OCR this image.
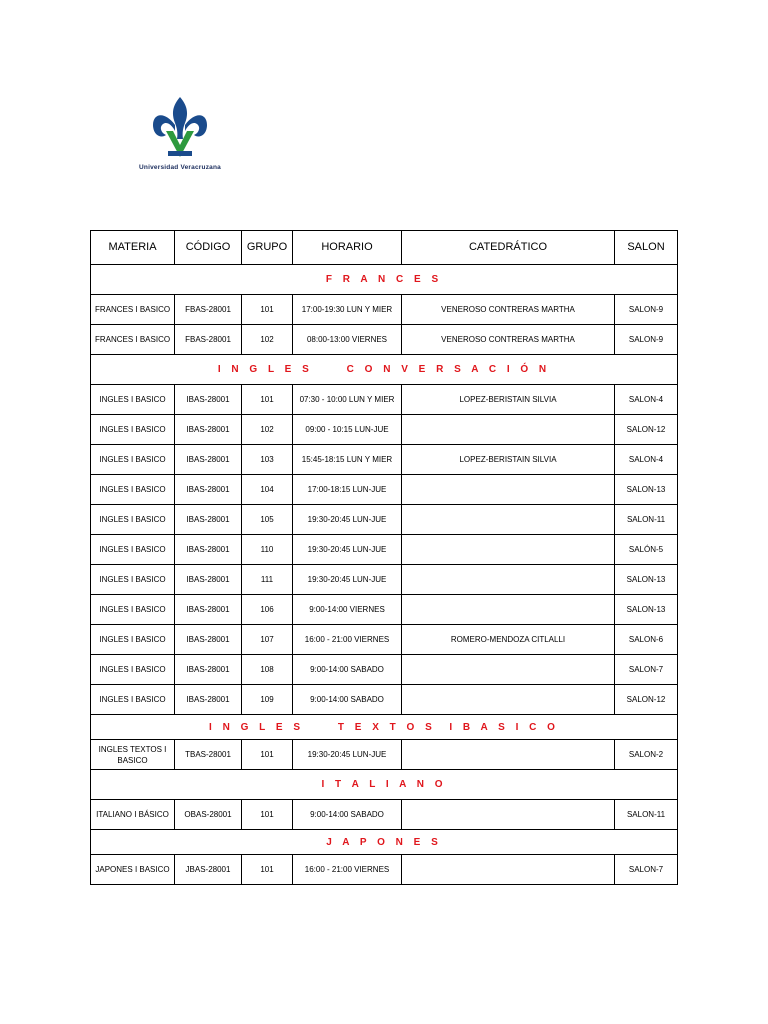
Universidad Veracruzana
MATERIA	CÓDIGO	GRUPO	HORARIO	CATEDRÁTICO	SALON
F R A N C E S					
FRANCES I BASICO	FBAS-28001	101	17:00-19:30 LUN Y MIER	VENEROSO CONTRERAS MARTHA	SALON-9
FRANCES I BASICO	FBAS-28001	102	08:00-13:00 VIERNES	VENEROSO CONTRERAS MARTHA	SALON-9
I N G L E S     C O N V E R S A C I Ó N					
INGLES I BASICO	IBAS-28001	101	07:30 - 10:00 LUN Y MIER	LOPEZ-BERISTAIN SILVIA	SALON-4
INGLES I BASICO	IBAS-28001	102	09:00 - 10:15 LUN-JUE		SALON-12
INGLES I BASICO	IBAS-28001	103	15:45-18:15 LUN Y MIER	LOPEZ-BERISTAIN SILVIA	SALON-4
INGLES I BASICO	IBAS-28001	104	17:00-18:15 LUN-JUE		SALON-13
INGLES I BASICO	IBAS-28001	105	19:30-20:45 LUN-JUE		SALON-11
INGLES I BASICO	IBAS-28001	110	19:30-20:45 LUN-JUE		SALÓN-5
INGLES I BASICO	IBAS-28001	111	19:30-20:45 LUN-JUE		SALON-13
INGLES I BASICO	IBAS-28001	106	9:00-14:00 VIERNES		SALON-13
INGLES I BASICO	IBAS-28001	107	16:00 - 21:00 VIERNES	ROMERO-MENDOZA CITLALLI	SALON-6
INGLES I BASICO	IBAS-28001	108	9:00-14:00 SABADO		SALON-7
INGLES I BASICO	IBAS-28001	109	9:00-14:00 SABADO		SALON-12
I N G L E S     T E X T O S  I B A S I C O					
INGLES TEXTOS I BASICO	TBAS-28001	101	19:30-20:45 LUN-JUE		SALON-2
I T A L I A N O					
ITALIANO I BÁSICO	OBAS-28001	101	9:00-14:00 SABADO		SALON-11
J A P O N E S					
JAPONES I BASICO	JBAS-28001	101	16:00 - 21:00 VIERNES		SALON-7
